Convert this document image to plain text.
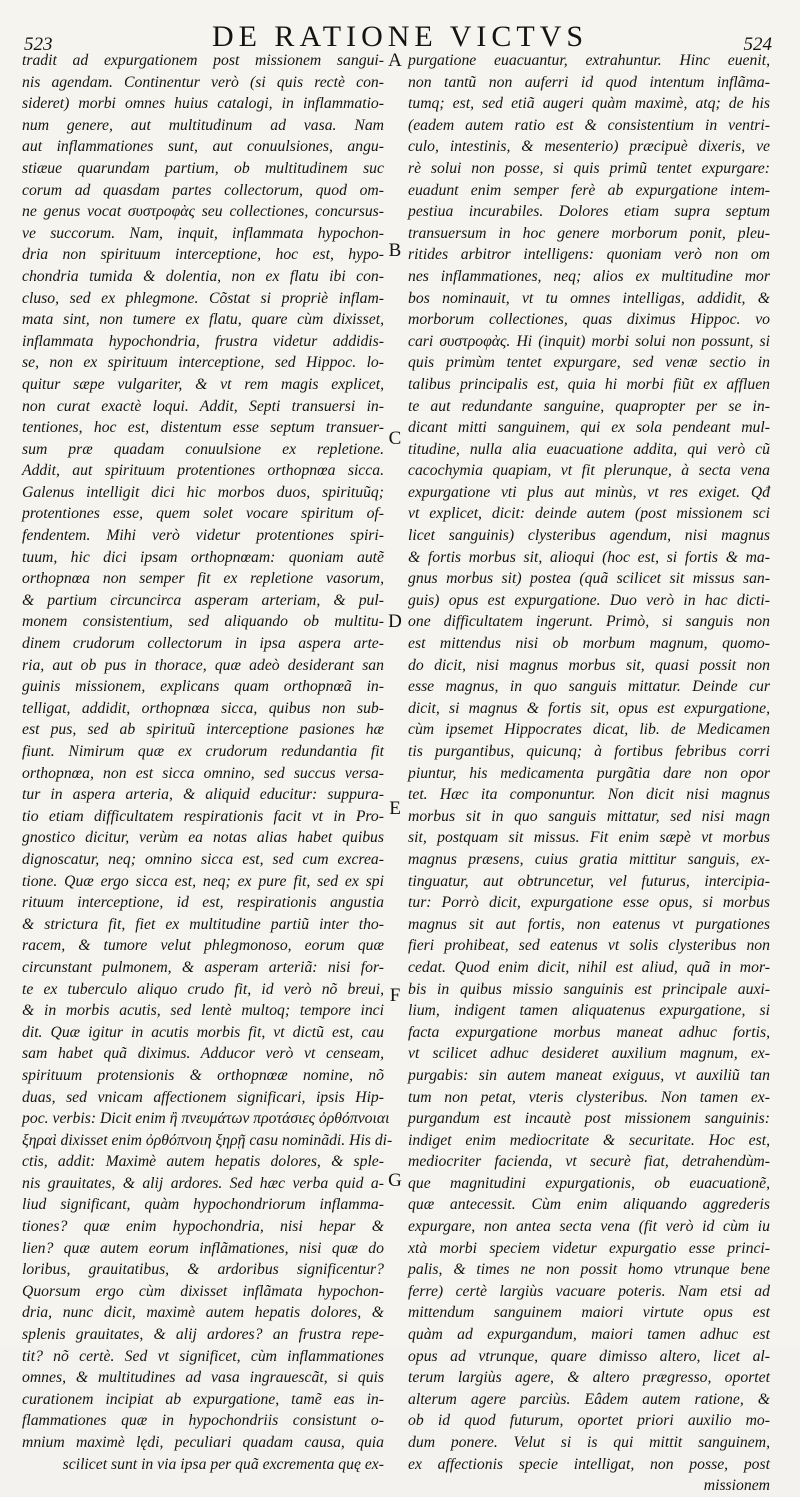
523	DE RATIONE VICTVS	524
tradit ad expurgationem post missionem sangui-
nis agendam. Continentur verò (si quis rectè con-
sideret) morbi omnes huius catalogi, in inflammatio-
num genere, aut multitudinum ad vasa. Nam
aut inflammationes sunt, aut conuulsiones, angu-
stiæue quarundam partium, ob multitudinem suc
corum ad quasdam partes collectorum, quod om-
ne genus vocat συστροφὰς seu collectiones, concursus-
ve succorum. Nam, inquit, inflammata hypochon-
dria non spirituum interceptione, hoc est, hypo-
chondria tumida & dolentia, non ex flatu ibi con-
cluso, sed ex phlegmone. Cõstat si propriè inflam-
mata sint, non tumere ex flatu, quare cùm dixisset,
inflammata hypochondria, frustra videtur addidis-
se, non ex spirituum interceptione, sed Hippoc. lo-
quitur sæpe vulgariter, & vt rem magis explicet,
non curat exactè loqui. Addit, Septi transuersi in-
tentiones, hoc est, distentum esse septum transuer-
sum præ quadam conuulsione ex repletione.
Addit, aut spirituum protentiones orthopnœa sicca.
Galenus intelligit dici hic morbos duos, spirituũq;
protentiones esse, quem solet vocare spiritum of-
fendentem. Mihi verò videtur protentiones spiri-
tuum, hic dici ipsam orthopnœam: quoniam autẽ
orthopnœa non semper fit ex repletione vasorum,
& partium circuncirca asperam arteriam, & pul-
monem consistentium, sed aliquando ob multitu-
dinem crudorum collectorum in ipsa aspera arte-
ria, aut ob pus in thorace, quæ adeò desiderant san
guinis missionem, explicans quam orthopnœã in-
telligat, addidit, orthopnœa sicca, quibus non sub-
est pus, sed ab spirituũ interceptione pasiones hæ
fiunt. Nimirum quæ ex crudorum redundantia fit
orthopnœa, non est sicca omnino, sed succus versa-
tur in aspera arteria, & aliquid educitur: suppura-
tio etiam difficultatem respirationis facit vt in Pro-
gnostico dicitur, verùm ea notas alias habet quibus
dignoscatur, neq; omnino sicca est, sed cum excrea-
tione. Quæ ergo sicca est, neq; ex pure fit, sed ex spi
rituum interceptione, id est, respirationis angustia
& strictura fit, fiet ex multitudine partiũ inter tho-
racem, & tumore velut phlegmonoso, eorum quæ
circunstant pulmonem, & asperam arteriã: nisi for-
te ex tuberculo aliquo crudo fit, id verò nõ breui,
& in morbis acutis, sed lentè multoq; tempore inci
dit. Quæ igitur in acutis morbis fit, vt dictũ est, cau
sam habet quã diximus. Adducor verò vt censeam,
spirituum protensionis & orthopnœæ nomine, nõ
duas, sed vnicam affectionem significari, ipsis Hip-
poc. verbis: Dicit enim ἢ πνευμάτων προτάσιες ὀρθόπνοιαι
ξηραὶ dixisset enim ὀρθόπνοιη ξηρῇ casu nominãdi. His di-
ctis, addit: Maximè autem hepatis dolores, & sple-
nis grauitates, & alij ardores. Sed hæc verba quid a-
liud significant, quàm hypochondriorum inflamma-
tiones? quæ enim hypochondria, nisi hepar &
lien? quæ autem eorum inflãmationes, nisi quæ do
loribus, grauitatibus, & ardoribus significentur?
Quorsum ergo cùm dixisset inflãmata hypochon-
dria, nunc dicit, maximè autem hepatis dolores, &
splenis grauitates, & alij ardores? an frustra repe-
tit? nõ certè. Sed vt significet, cùm inflammationes
omnes, & multitudines ad vasa ingrauescãt, si quis
curationem incipiat ab expurgatione, tamẽ eas in-
flammationes quæ in hypochondriis consistunt o-
mnium maximè lędi, peculiari quadam causa, quia
scilicet sunt in via ipsa per quã excrementa quę ex-
A
B
C
D
E
F
G
purgatione euacuantur, extrahuntur. Hinc euenit,
non tantũ non auferri id quod intentum inflãma-
tumq; est, sed etiã augeri quàm maximè, atq; de his
(eadem autem ratio est & consistentium in ventri-
culo, intestinis, & mesenterio) præcipuè dixeris, ve
rè solui non posse, si quis primũ tentet expurgare:
euadunt enim semper ferè ab expurgatione intem-
pestiua incurabiles. Dolores etiam supra septum
transuersum in hoc genere morborum ponit, pleu-
ritides arbitror intelligens: quoniam verò non om
nes inflammationes, neq; alios ex multitudine mor
bos nominauit, vt tu omnes intelligas, addidit, &
morborum collectiones, quas diximus Hippoc. vo
cari συστροφὰς. Hi (inquit) morbi solui non possunt, si
quis primùm tentet expurgare, sed venæ sectio in
talibus principalis est, quia hi morbi fiũt ex affluen
te aut redundante sanguine, quapropter per se in-
dicant mitti sanguinem, qui ex sola pendeant mul-
titudine, nulla alia euacuatione addita, qui verò cũ
cacochymia quapiam, vt fit plerunque, à secta vena
expurgatione vti plus aut minùs, vt res exiget. Qđ
vt explicet, dicit: deinde autem (post missionem sci
licet sanguinis) clysteribus agendum, nisi magnus
& fortis morbus sit, alioqui (hoc est, si fortis & ma-
gnus morbus sit) postea (quã scilicet sit missus san-
guis) opus est expurgatione. Duo verò in hac dicti-
one difficultatem ingerunt. Primò, si sanguis non
est mittendus nisi ob morbum magnum, quomo-
do dicit, nisi magnus morbus sit, quasi possit non
esse magnus, in quo sanguis mittatur. Deinde cur
dicit, si magnus & fortis sit, opus est expurgatione,
cùm ipsemet Hippocrates dicat, lib. de Medicamen
tis purgantibus, quicunq; à fortibus febribus corri
piuntur, his medicamenta purgãtia dare non opor
tet. Hæc ita componuntur. Non dicit nisi magnus
morbus sit in quo sanguis mittatur, sed nisi magn
sit, postquam sit missus. Fit enim sæpè vt morbus
magnus præsens, cuius gratia mittitur sanguis, ex-
tinguatur, aut obtruncetur, vel futurus, intercipia-
tur: Porrò dicit, expurgatione esse opus, si morbus
magnus sit aut fortis, non eatenus vt purgationes
fieri prohibeat, sed eatenus vt solis clysteribus non
cedat. Quod enim dicit, nihil est aliud, quã in mor-
bis in quibus missio sanguinis est principale auxi-
lium, indigent tamen aliquatenus expurgatione, si
facta expurgatione morbus maneat adhuc fortis,
vt scilicet adhuc desideret auxilium magnum, ex-
purgabis: sin autem maneat exiguus, vt auxiliũ tan
tum non petat, vteris clysteribus. Non tamen ex-
purgandum est incautè post missionem sanguinis:
indiget enim mediocritate & securitate. Hoc est,
mediocriter facienda, vt securè fiat, detrahendùm-
que magnitudini expurgationis, ob euacuationẽ,
quæ antecessit. Cùm enim aliquando aggrederis
expurgare, non antea secta vena (fit verò id cùm iu
xtà morbi speciem videtur expurgatio esse princi-
palis, & times ne non possit homo vtrunque bene
ferre) certè largiùs vacuare poteris. Nam etsi ad
mittendum sanguinem maiori virtute opus est
quàm ad expurgandum, maiori tamen adhuc est
opus ad vtrunque, quare dimisso altero, licet al-
terum largiùs agere, & altero prægresso, oportet
alterum agere parciùs. Eâdem autem ratione, &
ob id quod futurum, oportet priori auxilio mo-
dum ponere. Velut si is qui mittit sanguinem,
ex affectionis specie intelligat, non posse, post
missionem
